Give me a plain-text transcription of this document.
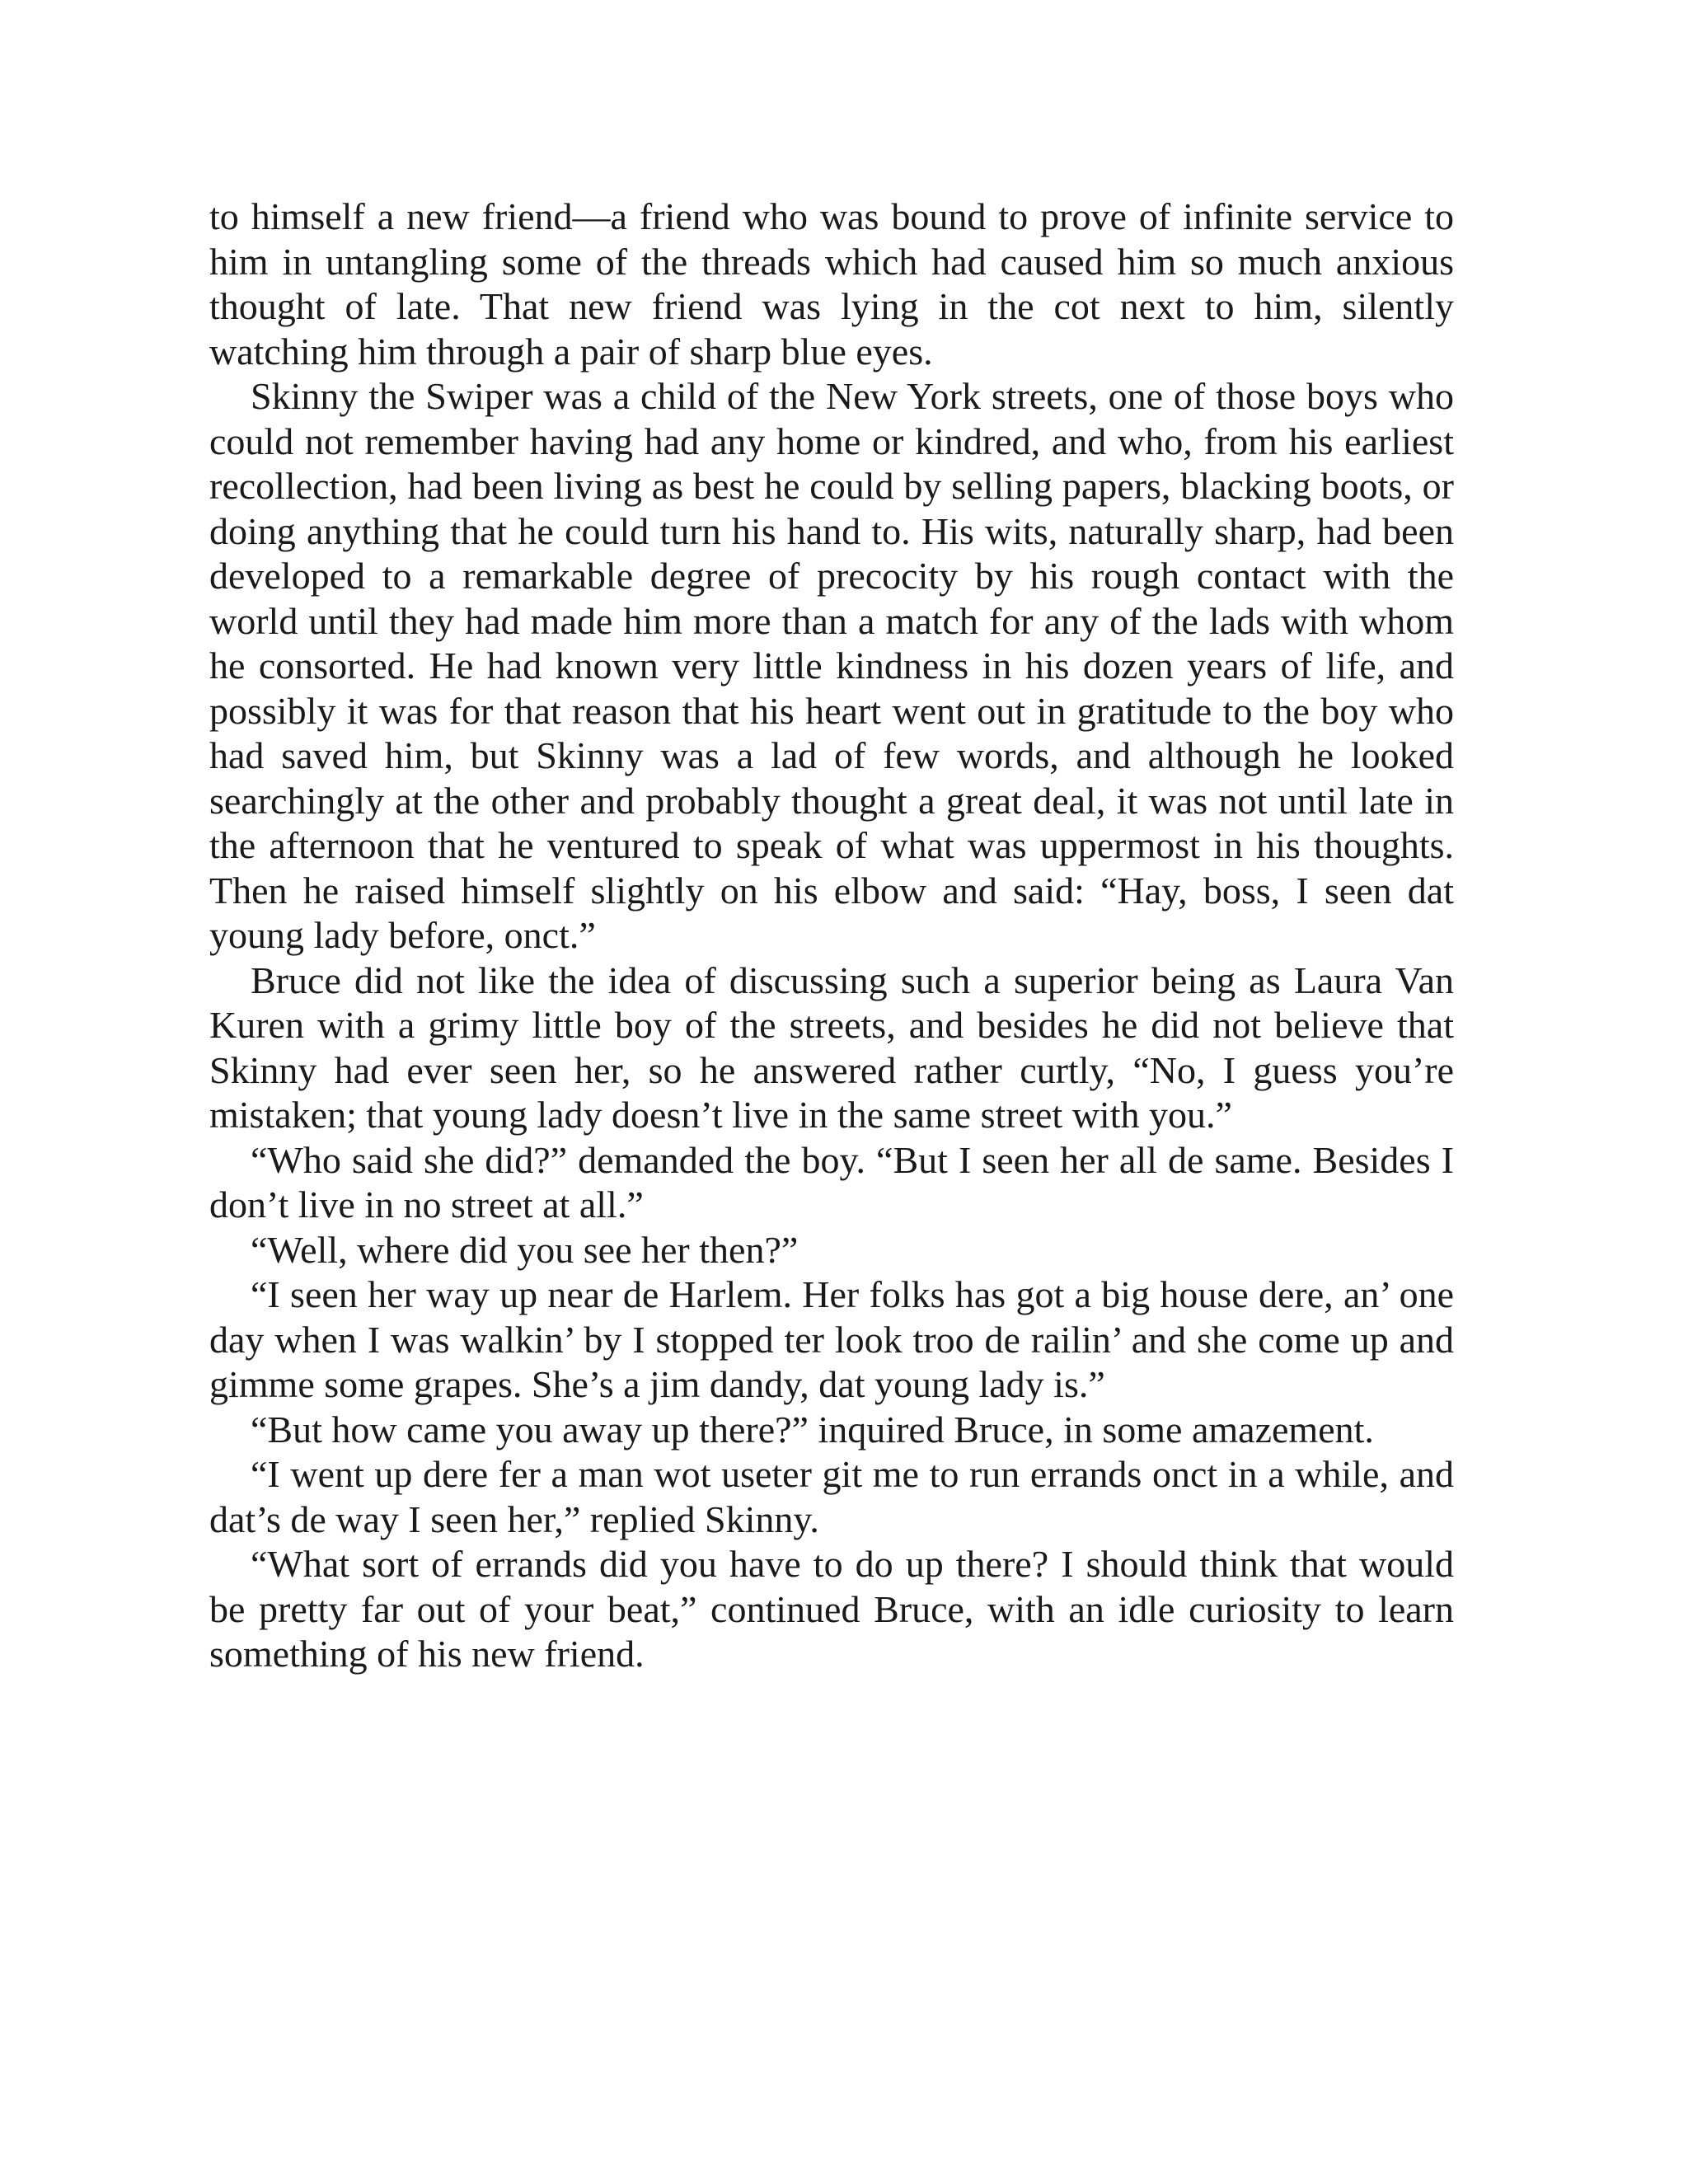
to himself a new friend—a friend who was bound to prove of infinite service to him in untangling some of the threads which had caused him so much anxious thought of late. That new friend was lying in the cot next to him, silently watching him through a pair of sharp blue eyes.

Skinny the Swiper was a child of the New York streets, one of those boys who could not remember having had any home or kindred, and who, from his earliest recollection, had been living as best he could by selling papers, blacking boots, or doing anything that he could turn his hand to. His wits, naturally sharp, had been developed to a remarkable degree of precocity by his rough contact with the world until they had made him more than a match for any of the lads with whom he consorted. He had known very little kindness in his dozen years of life, and possibly it was for that reason that his heart went out in gratitude to the boy who had saved him, but Skinny was a lad of few words, and although he looked searchingly at the other and probably thought a great deal, it was not until late in the afternoon that he ventured to speak of what was uppermost in his thoughts. Then he raised himself slightly on his elbow and said: “Hay, boss, I seen dat young lady before, onct.”

Bruce did not like the idea of discussing such a superior being as Laura Van Kuren with a grimy little boy of the streets, and besides he did not believe that Skinny had ever seen her, so he answered rather curtly, “No, I guess you’re mistaken; that young lady doesn’t live in the same street with you.”

“Who said she did?” demanded the boy. “But I seen her all de same. Besides I don’t live in no street at all.”

“Well, where did you see her then?”

“I seen her way up near de Harlem. Her folks has got a big house dere, an’ one day when I was walkin’ by I stopped ter look troo de railin’ and she come up and gimme some grapes. She’s a jim dandy, dat young lady is.”

“But how came you away up there?” inquired Bruce, in some amazement.

“I went up dere fer a man wot useter git me to run errands onct in a while, and dat’s de way I seen her,” replied Skinny.

“What sort of errands did you have to do up there? I should think that would be pretty far out of your beat,” continued Bruce, with an idle curiosity to learn something of his new friend.
